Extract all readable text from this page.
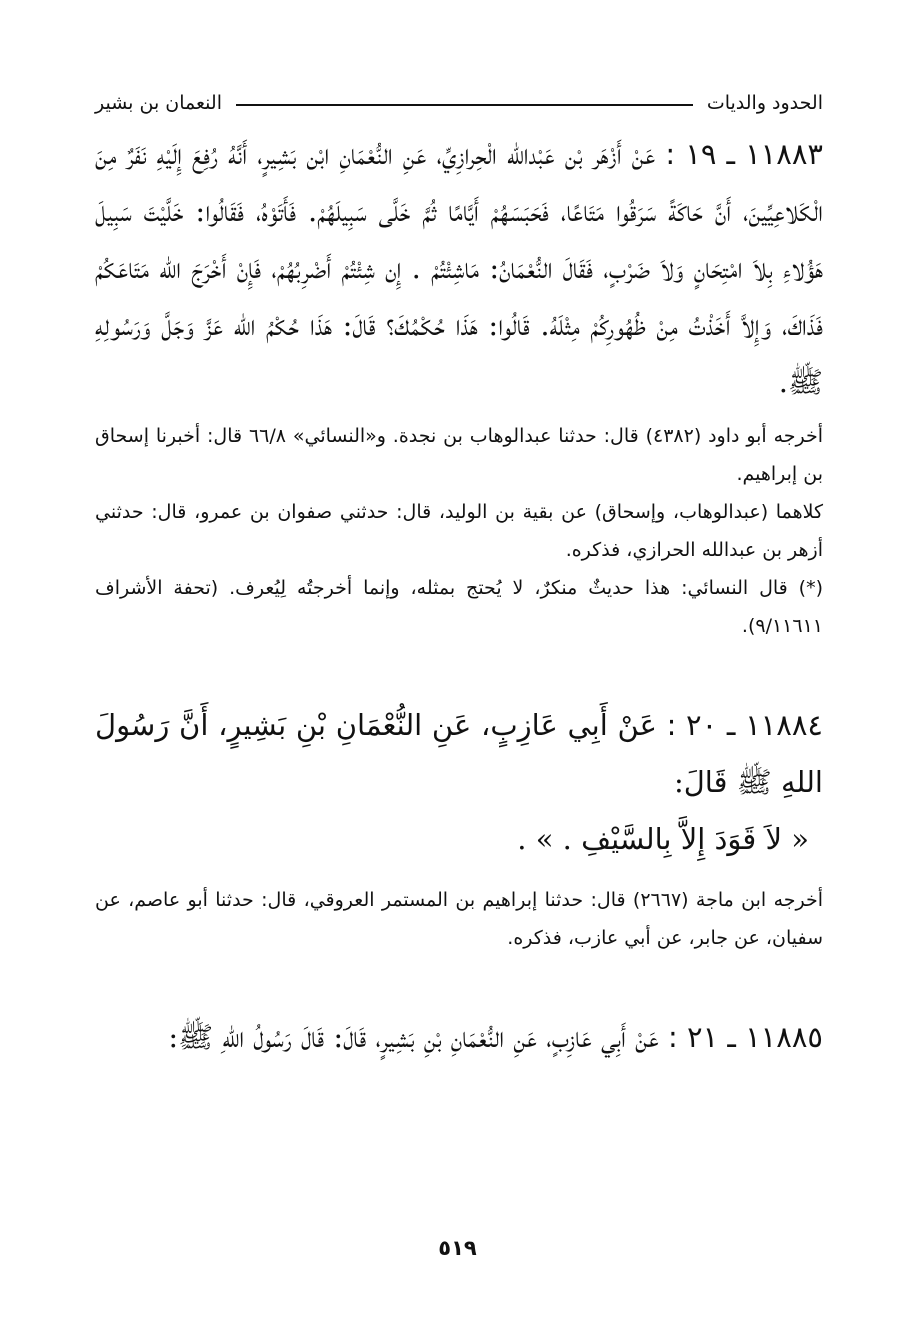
الحدود والديات
النعمان بن بشير

١١٨٨٣ ـ ١٩ : عَنْ أَزْهَر بْن عَبْدالله الْحِرازِيِّ، عَنِ النُّعْمَانِ ابْن بَشِيرٍ، أَنَّهُ رُفِعَ إِلَيْهِ نَفَرٌ مِنَ الْكَلاعِيِّينَ، أَنَّ حَاكَةً سَرَقُوا مَتَاعًا، فَحَبَسَهُمْ أَيَّامًا ثُمَّ خَلَّى سَبِيلَهُمْ. فَأَتَوْهُ، فَقَالُوا: خَلَّيْتَ سَبِيلَ هَؤُلاءِ بِلاَ امْتِحَانٍ وَلاَ ضَرْبٍ، فَقَالَ النُّعْمَانُ: مَاشِئْتُمْ . إِن شِئْتُمْ أَضْرِبُهُمْ، فَإِنْ أَخْرَجَ الله مَتَاعَكُمْ فَذَاكَ، وَإِلاَّ أَخَذْتُ مِنْ ظُهُورِكُمْ مِثْلَهُ. قَالُوا: هَذَا حُكْمُكَ؟ قَالَ: هَذَا حُكْمُ الله عَزَّ وَجَلَّ وَرَسُولِهِ ﷺ.

أخرجه أبو داود (٤٣٨٢) قال: حدثنا عبدالوهاب بن نجدة. و«النسائي» ٦٦/٨ قال: أخبرنا إسحاق بن إبراهيم.

كلاهما (عبدالوهاب، وإسحاق) عن بقية بن الوليد، قال: حدثني صفوان بن عمرو، قال: حدثني أزهر بن عبدالله الحرازي، فذكره.

(*) قال النسائي: هذا حديثٌ منكرٌ، لا يُحتج بمثله، وإنما أخرجتُه لِيُعرف. (تحفة الأشراف ٩/١١٦١١).

١١٨٨٤ ـ ٢٠ : عَنْ أَبِي عَازِبٍ، عَنِ النُّعْمَانِ بْنِ بَشِيرٍ، أَنَّ رَسُولَ اللهِ ﷺ قَالَ:

« لاَ قَوَدَ إِلاَّ بِالسَّيْفِ . » .

أخرجه ابن ماجة (٢٦٦٧) قال: حدثنا إبراهيم بن المستمر العروقي، قال: حدثنا أبو عاصم، عن سفيان، عن جابر، عن أبي عازب، فذكره.

١١٨٨٥ ـ ٢١ : عَنْ أَبِي عَازِبٍ، عَنِ النُّعْمَانِ بْنِ بَشِيرٍ، قَالَ: قَالَ رَسُولُ اللهِ ﷺ:

٥١٩
